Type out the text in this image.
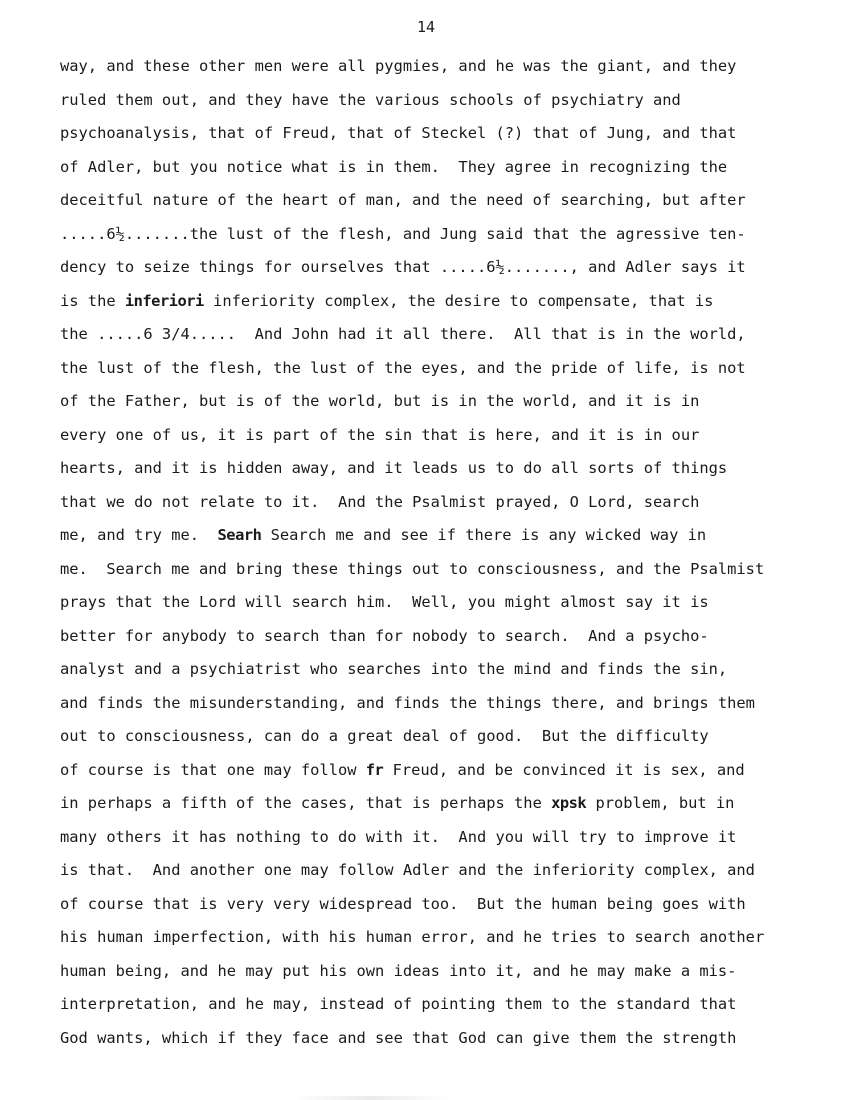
14
way, and these other men were all pygmies, and he was the giant, and they
ruled them out, and they have the various schools of psychiatry and
psychoanalysis, that of Freud, that of Steckel (?) that of Jung, and that
of Adler, but you notice what is in them.  They agree in recognizing the
deceitful nature of the heart of man, and the need of searching, but after
.....6½.......the lust of the flesh, and Jung said that the agressive ten-
dency to seize things for ourselves that .....6½......., and Adler says it
is the inferiori inferiority complex, the desire to compensate, that is
the .....6 3/4.....  And John had it all there.  All that is in the world,
the lust of the flesh, the lust of the eyes, and the pride of life, is not
of the Father, but is of the world, but is in the world, and it is in
every one of us, it is part of the sin that is here, and it is in our
hearts, and it is hidden away, and it leads us to do all sorts of things
that we do not relate to it.  And the Psalmist prayed, O Lord, search
me, and try me.  Searh Search me and see if there is any wicked way in
me.  Search me and bring these things out to consciousness, and the Psalmist
prays that the Lord will search him.  Well, you might almost say it is
better for anybody to search than for nobody to search.  And a psycho-
analyst and a psychiatrist who searches into the mind and finds the sin,
and finds the misunderstanding, and finds the things there, and brings them
out to consciousness, can do a great deal of good.  But the difficulty
of course is that one may follow fr Freud, and be convinced it is sex, and
in perhaps a fifth of the cases, that is perhaps the xpsk problem, but in
many others it has nothing to do with it.  And you will try to improve it
is that.  And another one may follow Adler and the inferiority complex, and
of course that is very very widespread too.  But the human being goes with
his human imperfection, with his human error, and he tries to search another
human being, and he may put his own ideas into it, and he may make a mis-
interpretation, and he may, instead of pointing them to the standard that
God wants, which if they face and see that God can give them the strength
